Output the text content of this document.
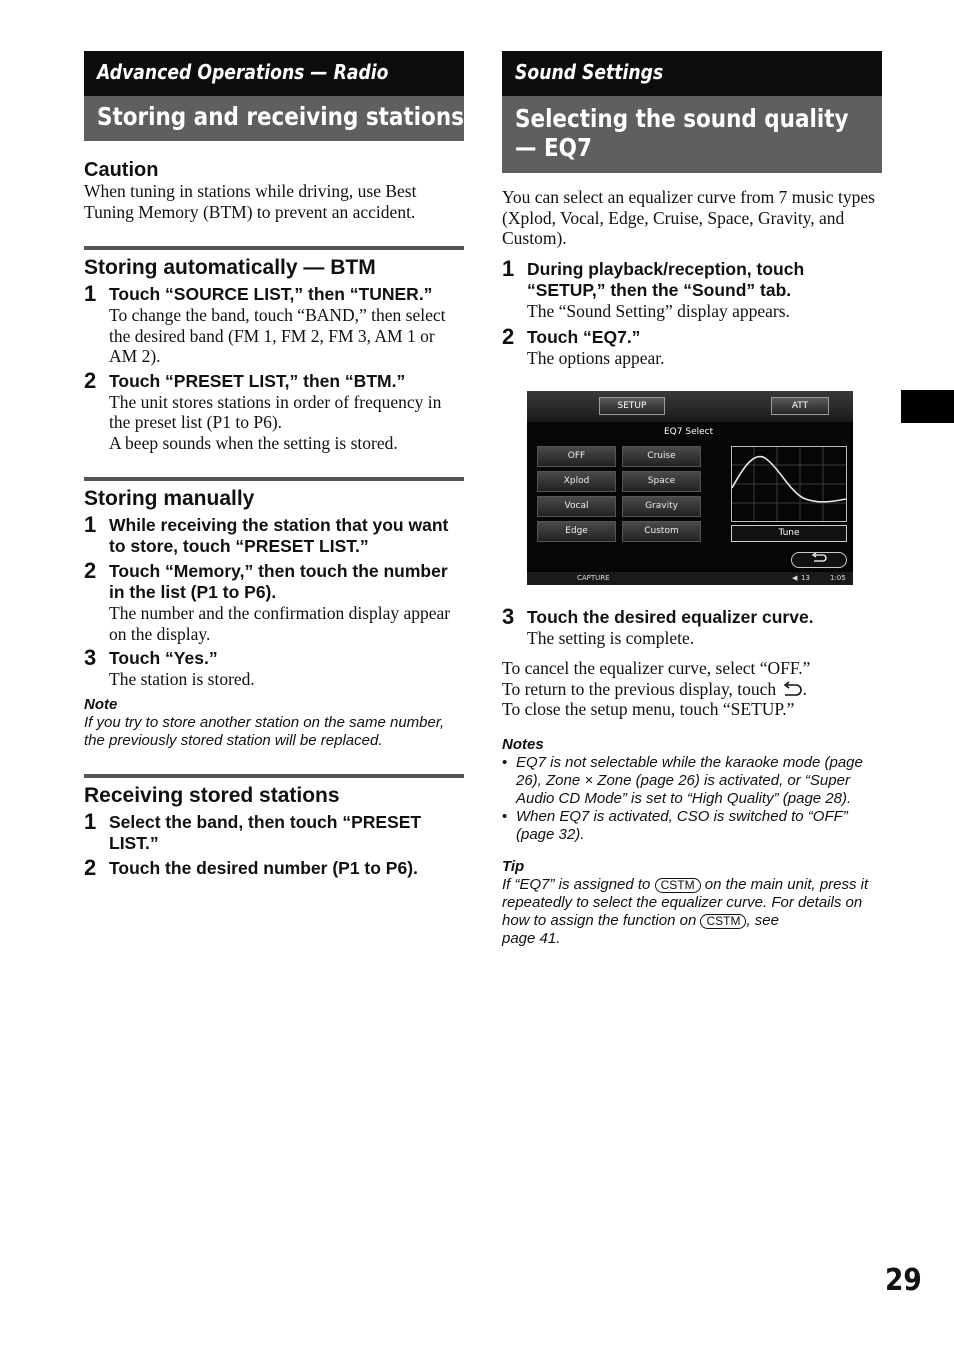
Advanced Operations — Radio
Storing and receiving stations
Caution
When tuning in stations while driving, use Best Tuning Memory (BTM) to prevent an accident.
Storing automatically — BTM
1 Touch “SOURCE LIST,” then “TUNER.”
To change the band, touch “BAND,” then select the desired band (FM 1, FM 2, FM 3, AM 1 or AM 2).
2 Touch “PRESET LIST,” then “BTM.”
The unit stores stations in order of frequency in the preset list (P1 to P6).
A beep sounds when the setting is stored.
Storing manually
1 While receiving the station that you want to store, touch “PRESET LIST.”
2 Touch “Memory,” then touch the number in the list (P1 to P6).
The number and the confirmation display appear on the display.
3 Touch “Yes.”
The station is stored.
Note
If you try to store another station on the same number, the previously stored station will be replaced.
Receiving stored stations
1 Select the band, then touch “PRESET LIST.”
2 Touch the desired number (P1 to P6).
Sound Settings
Selecting the sound quality
— EQ7
You can select an equalizer curve from 7 music types (Xplod, Vocal, Edge, Cruise, Space, Gravity, and Custom).
1 During playback/reception, touch “SETUP,” then the “Sound” tab.
The “Sound Setting” display appears.
2 Touch “EQ7.”
The options appear.
SETUP	ATT
EQ7 Select
OFF
Xplod
Vocal
Edge
Cruise
Space
Gravity
Custom	Tune
CAPTURE	◀ 13	1:05
3 Touch the desired equalizer curve.
The setting is complete.
To cancel the equalizer curve, select “OFF.”
To return to the previous display, touch .
To close the setup menu, touch “SETUP.”
Notes
• EQ7 is not selectable while the karaoke mode (page 26), Zone × Zone (page 26) is activated, or “Super Audio CD Mode” is set to “High Quality” (page 28).
• When EQ7 is activated, CSO is switched to “OFF” (page 32).
Tip
If “EQ7” is assigned to CSTM on the main unit, press it repeatedly to select the equalizer curve. For details on how to assign the function on CSTM , see
page 41.
29
